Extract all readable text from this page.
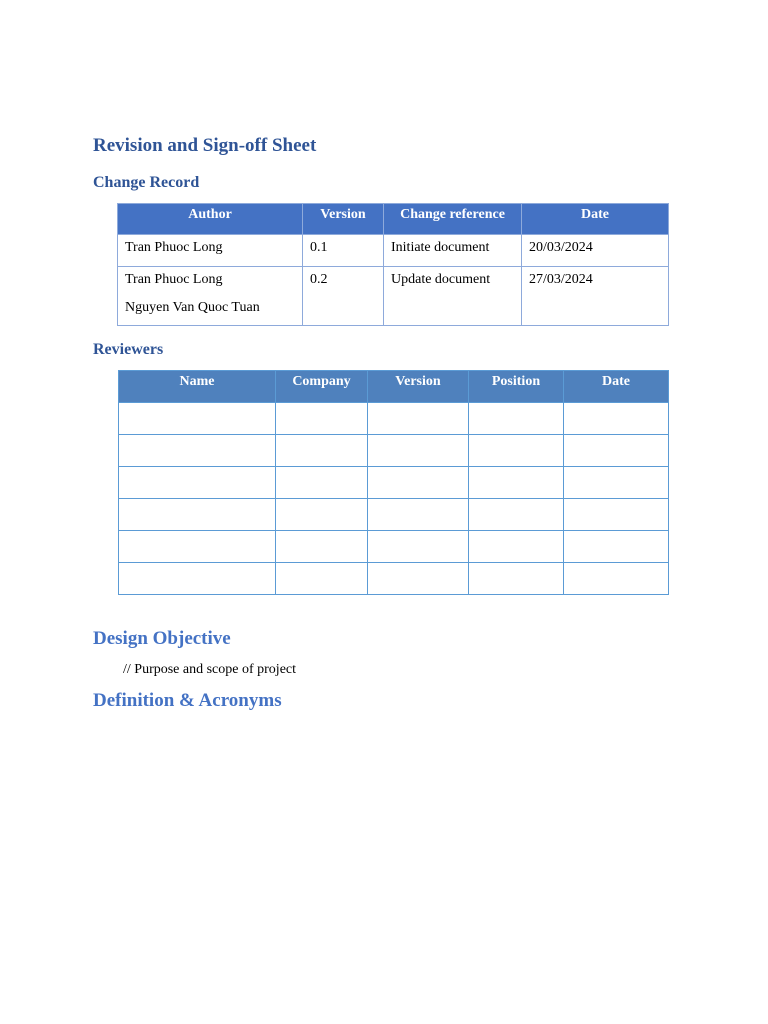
Revision and Sign-off Sheet
Change Record
Author	Version	Change reference	Date

Tran Phuoc Long	0.1	Initiate document	20/03/2024

Tran Phuoc Long
Nguyen Van Quoc Tuan	0.2	Update document	27/03/2024
Reviewers
Name	Company	Version	Position	Date

Design Objective

// Purpose and scope of project

Definition & Acronyms
